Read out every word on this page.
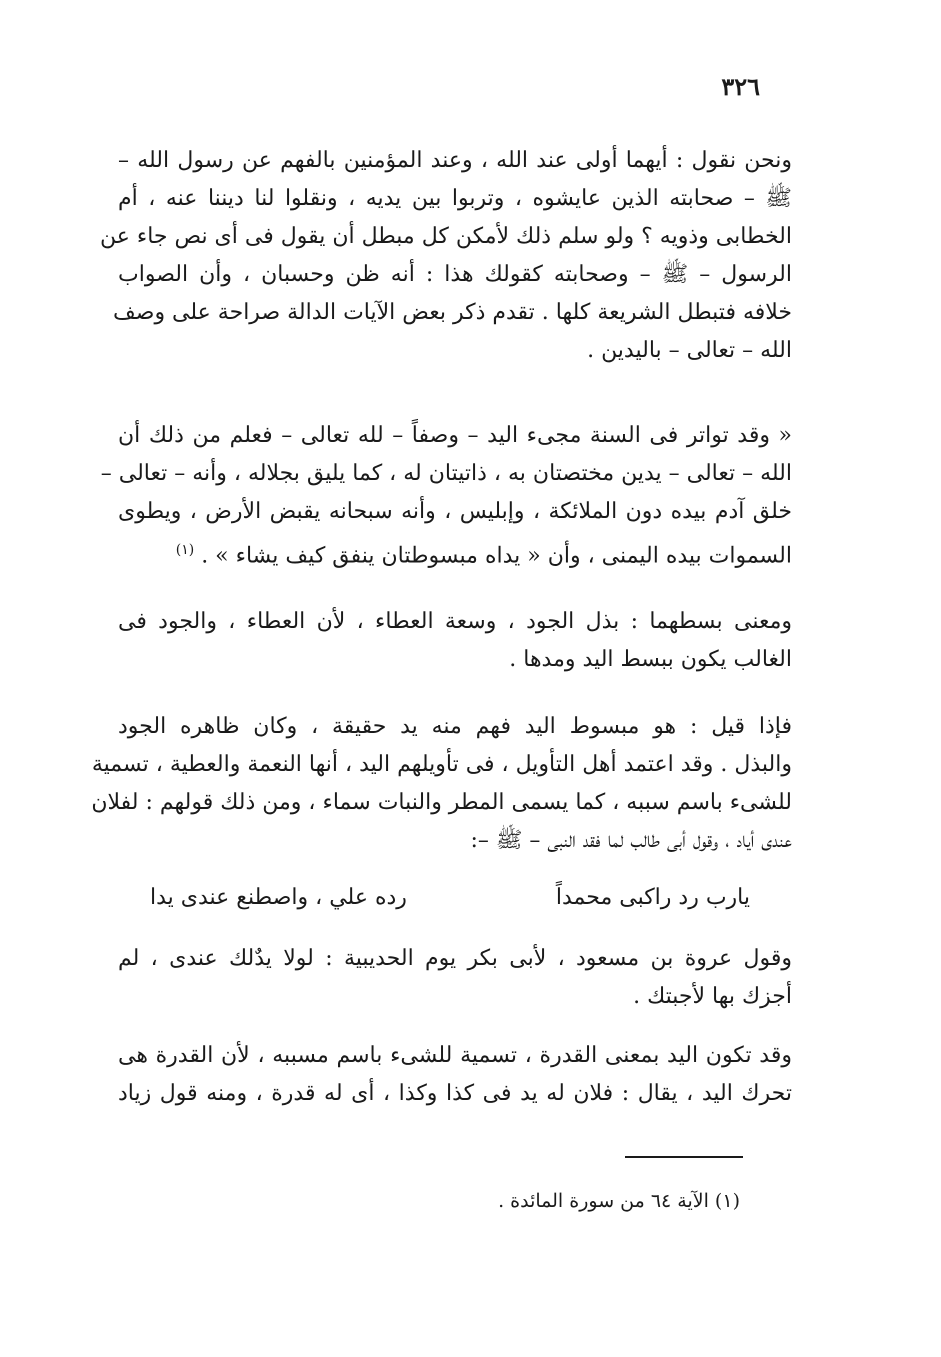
٣٢٦
ونحن نقول : أيهما أولى عند الله ، وعند المؤمنين بالفهم عن رسول الله –
ﷺ – صحابته الذين عايشوه ، وتربوا بين يديه ، ونقلوا لنا ديننا عنه ، أم
الخطابى وذويه ؟ ولو سلم ذلك لأمكن كل مبطل أن يقول فى أى نص جاء عن
الرسول – ﷺ – وصحابته كقولك هذا : أنه ظن وحسبان ، وأن الصواب
خلافه فتبطل الشريعة كلها . تقدم ذكر بعض الآيات الدالة صراحة على وصف
الله – تعالى – باليدين .
« وقد تواتر فى السنة مجىء اليد – وصفاً – لله تعالى – فعلم من ذلك أن
الله – تعالى – يدين مختصتان به ، ذاتيتان له ، كما يليق بجلاله ، وأنه – تعالى –
خلق آدم بيده دون الملائكة ، وإبليس ، وأنه سبحانه يقبض الأرض ، ويطوى
السموات بيده اليمنى ، وأن « يداه مبسوطتان ينفق كيف يشاء » . $^{(١)}$
ومعنى بسطهما : بذل الجود ، وسعة العطاء ، لأن العطاء ، والجود فى
الغالب يكون ببسط اليد ومدها .
فإذا قيل : هو مبسوط اليد فهم منه يد حقيقة ، وكان ظاهره الجود
والبذل . وقد اعتمد أهل التأويل ، فى تأويلهم اليد ، أنها النعمة والعطية ، تسمية
للشىء باسم سببه ، كما يسمى المطر والنبات سماء ، ومن ذلك قولهم : لفلان
عندى أياد ، وقول أبى طالب لما فقد النبى – ﷺ –:
يارب رد راكبى محمداً
رده علي ، واصطنع عندى يدا
وقول عروة بن مسعود ، لأبى بكر يوم الحديبية : لولا يدٌلك عندى ، لم
أجزك بها لأجبتك .
وقد تكون اليد بمعنى القدرة ، تسمية للشىء باسم مسببه ، لأن القدرة هى
تحرك اليد ، يقال : فلان له يد فى كذا وكذا ، أى له قدرة ، ومنه قول زياد
(١) الآية ٦٤ من سورة المائدة .
